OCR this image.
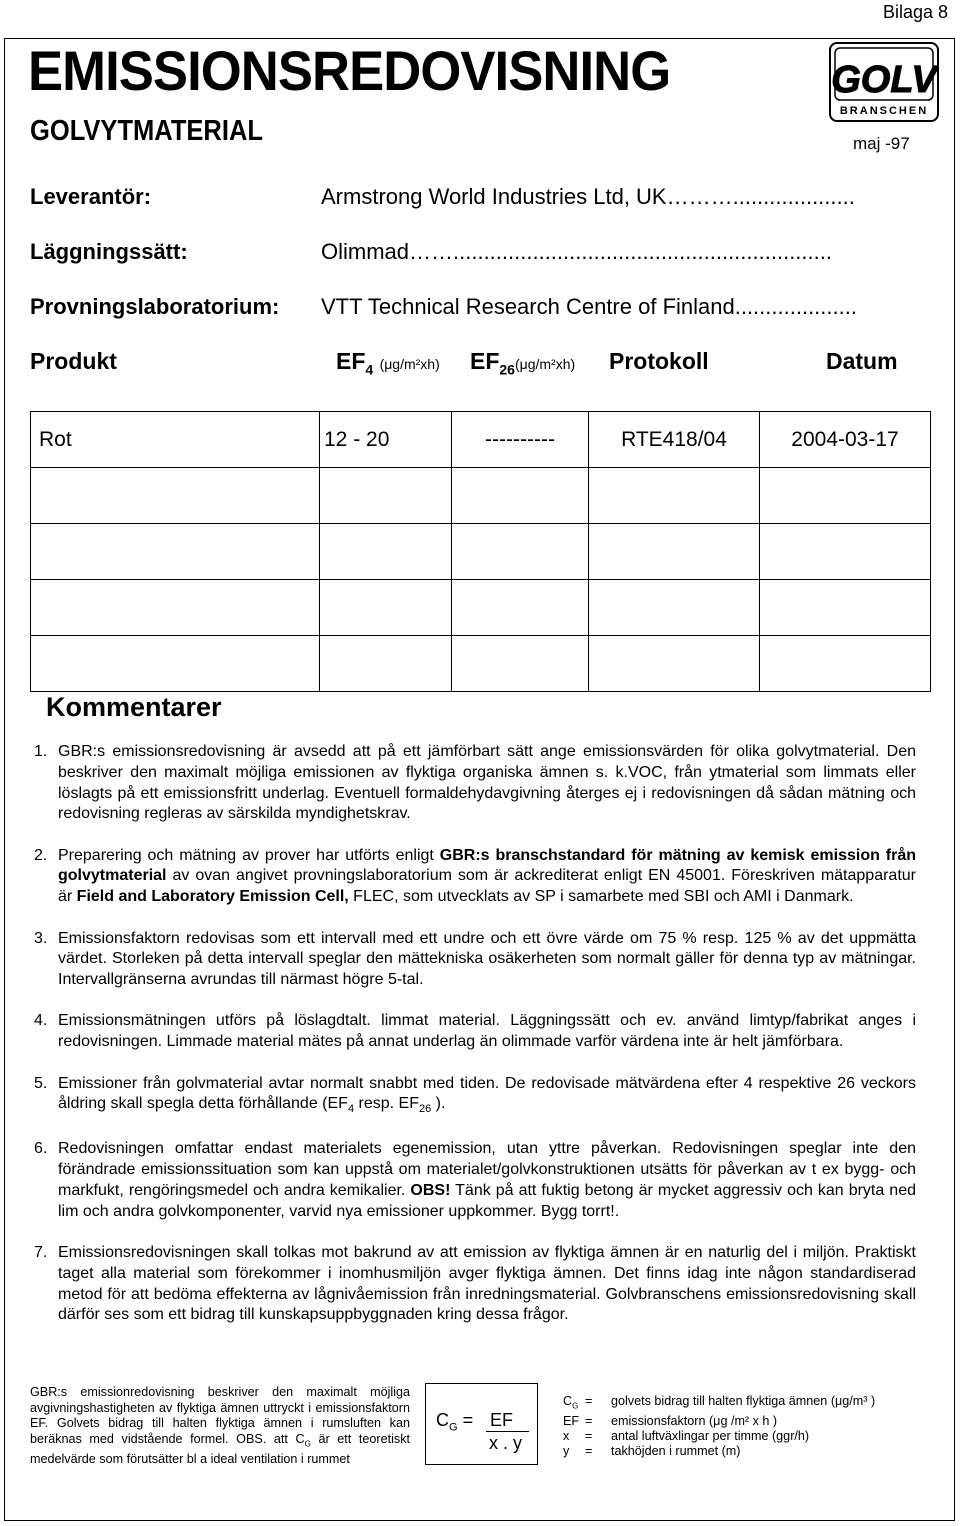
Bilaga 8
EMISSIONSREDOVISNING
GOLVYTMATERIAL
GOLV
BRANSCHEN
maj -97
Leverantör:	Armstrong World Industries Ltd, UK………....................
Läggningssätt:	Olimmad……..............................................................
Provningslaboratorium: VTT Technical Research Centre of Finland....................
Produkt	$EF_4$ (μg/m²xh) $EF_{26}(\mu g/m^2xh)$ Protokoll	Datum
Rot	12 - 20	----------	RTE418/04	2004-03-17

Kommentarer
1. GBR:s emissionsredovisning är avsedd att på ett jämförbart sätt ange emissionsvärden för olika golvytmaterial. Den beskriver den maximalt möjliga emissionen av flyktiga organiska ämnen s. k.VOC, från ytmaterial som limmats eller löslagts på ett emissionsfritt underlag. Eventuell formaldehydavgivning återges ej i redovisningen då sådan mätning och redovisning regleras av särskilda myndighetskrav.
2. Preparering och mätning av prover har utförts enligt GBR:s branschstandard för mätning av kemisk emission från golvytmaterial av ovan angivet provningslaboratorium som är ackrediterat enligt EN 45001. Föreskriven mätapparatur är Field and Laboratory Emission Cell, FLEC, som utvecklats av SP i samarbete med SBI och AMI i Danmark.
3. Emissionsfaktorn redovisas som ett intervall med ett undre och ett övre värde om 75 % resp. 125 % av det uppmätta värdet. Storleken på detta intervall speglar den mättekniska osäkerheten som normalt gäller för denna typ av mätningar. Intervallgränserna avrundas till närmast högre 5-tal.
4. Emissionsmätningen utförs på löslagdtalt. limmat material. Läggningssätt och ev. använd limtyp/fabrikat anges i redovisningen. Limmade material mätes på annat underlag än olimmade varför värdena inte är helt jämförbara.
5. Emissioner från golvmaterial avtar normalt snabbt med tiden. De redovisade mätvärdena efter 4 respektive 26 veckors åldring skall spegla detta förhållande ($EF_4$ resp. $EF_{26}$ ).
6. Redovisningen omfattar endast materialets egenemission, utan yttre påverkan. Redovisningen speglar inte den förändrade emissionssituation som kan uppstå om materialet/golvkonstruktionen utsätts för påverkan av t ex bygg- och markfukt, rengöringsmedel och andra kemikalier. OBS! Tänk på att fuktig betong är mycket aggressiv och kan bryta ned lim och andra golvkomponenter, varvid nya emissioner uppkommer. Bygg torrt!.
7. Emissionsredovisningen skall tolkas mot bakrund av att emission av flyktiga ämnen är en naturlig del i miljön. Praktiskt taget alla material som förekommer i inomhusmiljön avger flyktiga ämnen. Det finns idag inte någon standardiserad metod för att bedöma effekterna av lågnivåemission från inredningsmaterial. Golvbranschens emissionsredovisning skall därför ses som ett bidrag till kunskapsuppbyggnaden kring dessa frågor.
GBR:s emissionredovisning beskriver den maximalt möjliga avgivningshastigheten av flyktiga ämnen uttryckt i emissionsfaktorn EF. Golvets bidrag till halten flyktiga ämnen i rumsluften kan beräknas med vidstående formel. OBS. att $C_G$ är ett teoretiskt medelvärde som förutsätter bl a ideal ventilation i rummet
$C_G$ = EF
x . y
$C_G$ = golvets bidrag till halten flyktiga ämnen (μg/m³ )
EF = emissionsfaktorn (μg /m² x h )
x = antal luftväxlingar per timme (ggr/h)
y = takhöjden i rummet (m)
